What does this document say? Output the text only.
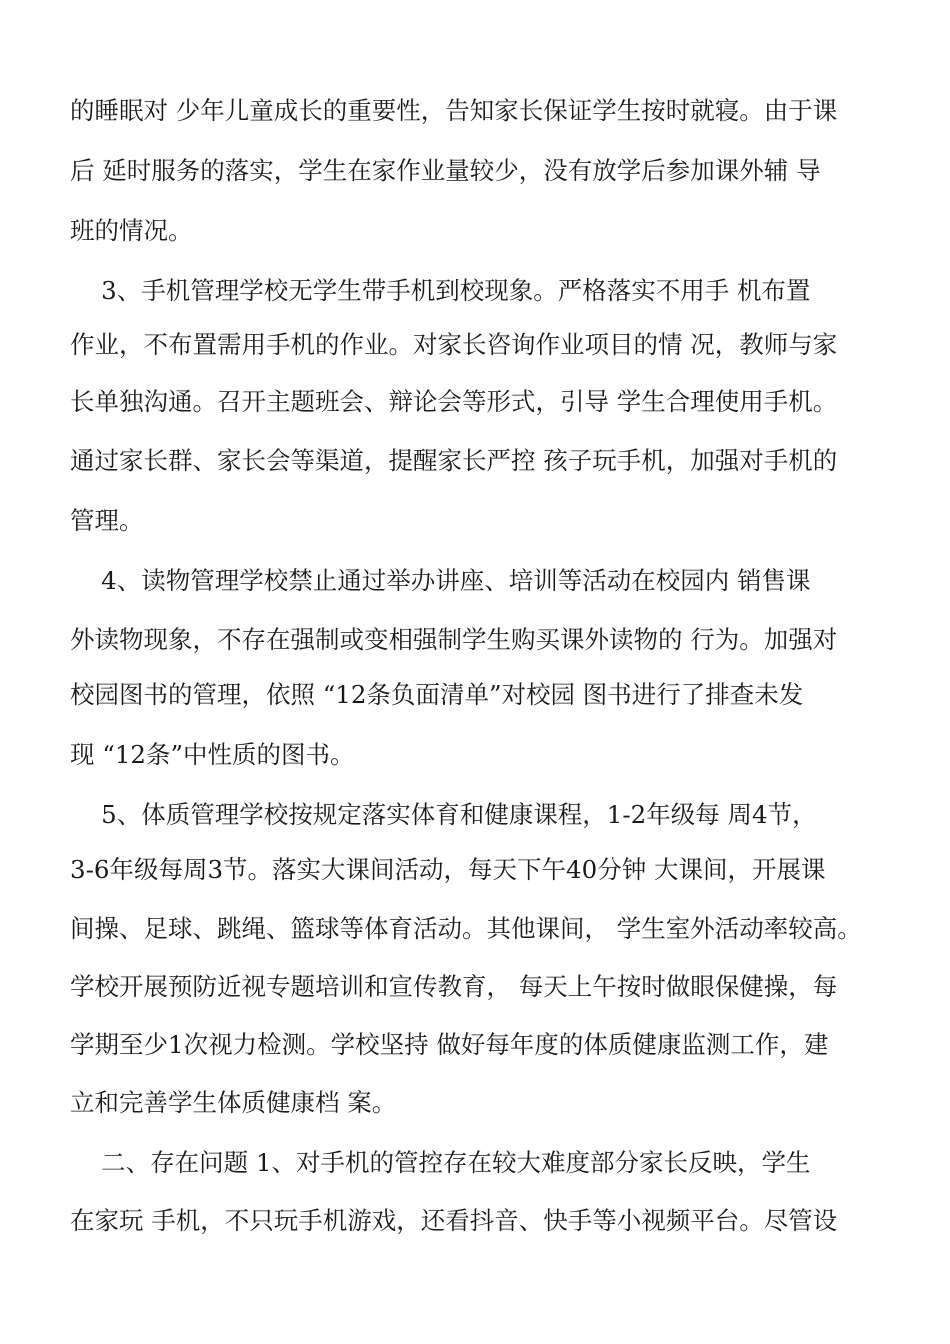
的睡眠对 少年儿童成长的重要性，告知家长保证学生按时就寝。由于课

后 延时服务的落实，学生在家作业量较少，没有放学后参加课外辅 导

班的情况。

3、手机管理学校无学生带手机到校现象。严格落实不用手 机布置

作业，不布置需用手机的作业。对家长咨询作业项目的情 况，教师与家

长单独沟通。召开主题班会、辩论会等形式，引导 学生合理使用手机。

通过家长群、家长会等渠道，提醒家长严控 孩子玩手机，加强对手机的

管理。

4、读物管理学校禁止通过举办讲座、培训等活动在校园内 销售课

外读物现象，不存在强制或变相强制学生购买课外读物的 行为。加强对

校园图书的管理，依照 “12条负面清单”对校园 图书进行了排查未发

现 “12条”中性质的图书。

5、体质管理学校按规定落实体育和健康课程，1-2年级每 周4节，

3-6年级每周3节。落实大课间活动，每天下午40分钟 大课间，开展课

间操、足球、跳绳、篮球等体育活动。其他课间， 学生室外活动率较高。

学校开展预防近视专题培训和宣传教育， 每天上午按时做眼保健操，每

学期至少1次视力检测。学校坚持 做好每年度的体质健康监测工作，建

立和完善学生体质健康档 案。

二、存在问题 1、对手机的管控存在较大难度部分家长反映，学生

在家玩 手机，不只玩手机游戏，还看抖音、快手等小视频平台。尽管设
